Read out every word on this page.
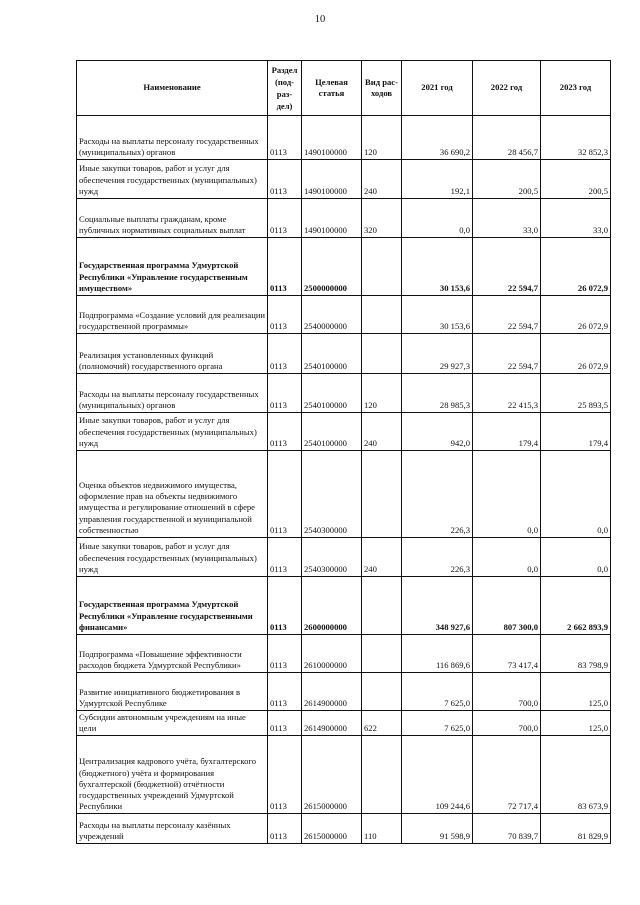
10
Наименование	Раздел (под-раз-дел)	Целевая статья	Вид рас-ходов	2021 год	2022 год	2023 год
Расходы на выплаты персоналу государственных (муниципальных) органов	0113	1490100000	120	36 690,2	28 456,7	32 852,3
Иные закупки товаров, работ и услуг для обеспечения государственных (муниципальных) нужд	0113	1490100000	240	192,1	200,5	200,5
Социальные выплаты гражданам, кроме публичных нормативных социальных выплат	0113	1490100000	320	0,0	33,0	33,0
Государственная программа Удмуртской Республики «Управление государственным имуществом»	0113	2500000000		30 153,6	22 594,7	26 072,9
Подпрограмма «Создание условий для реализации государственной программы»	0113	2540000000		30 153,6	22 594,7	26 072,9
Реализация установленных функций (полномочий) государственного органа	0113	2540100000		29 927,3	22 594,7	26 072,9
Расходы на выплаты персоналу государственных (муниципальных) органов	0113	2540100000	120	28 985,3	22 415,3	25 893,5
Иные закупки товаров, работ и услуг для обеспечения государственных (муниципальных) нужд	0113	2540100000	240	942,0	179,4	179,4
Оценка объектов недвижимого имущества, оформление прав на объекты недвижимого имущества и регулирование отношений в сфере управления государственной и муниципальной собственностью	0113	2540300000		226,3	0,0	0,0
Иные закупки товаров, работ и услуг для обеспечения государственных (муниципальных) нужд	0113	2540300000	240	226,3	0,0	0,0
Государственная программа Удмуртской Республики «Управление государственными финансами»	0113	2600000000		348 927,6	807 300,0	2 662 893,9
Подпрограмма «Повышение эффективности расходов бюджета Удмуртской Республики»	0113	2610000000		116 869,6	73 417,4	83 798,9
Развитие инициативного бюджетирования в Удмуртской Республике	0113	2614900000		7 625,0	700,0	125,0
Субсидии автономным учреждениям на иные цели	0113	2614900000	622	7 625,0	700,0	125,0
Централизация кадрового учёта, бухгалтерского (бюджетного) учёта и формирования бухгалтерской (бюджетной) отчётности государственных учреждений Удмуртской Республики	0113	2615000000		109 244,6	72 717,4	83 673,9
Расходы на выплаты персоналу казённых учреждений	0113	2615000000	110	91 598,9	70 839,7	81 829,9
